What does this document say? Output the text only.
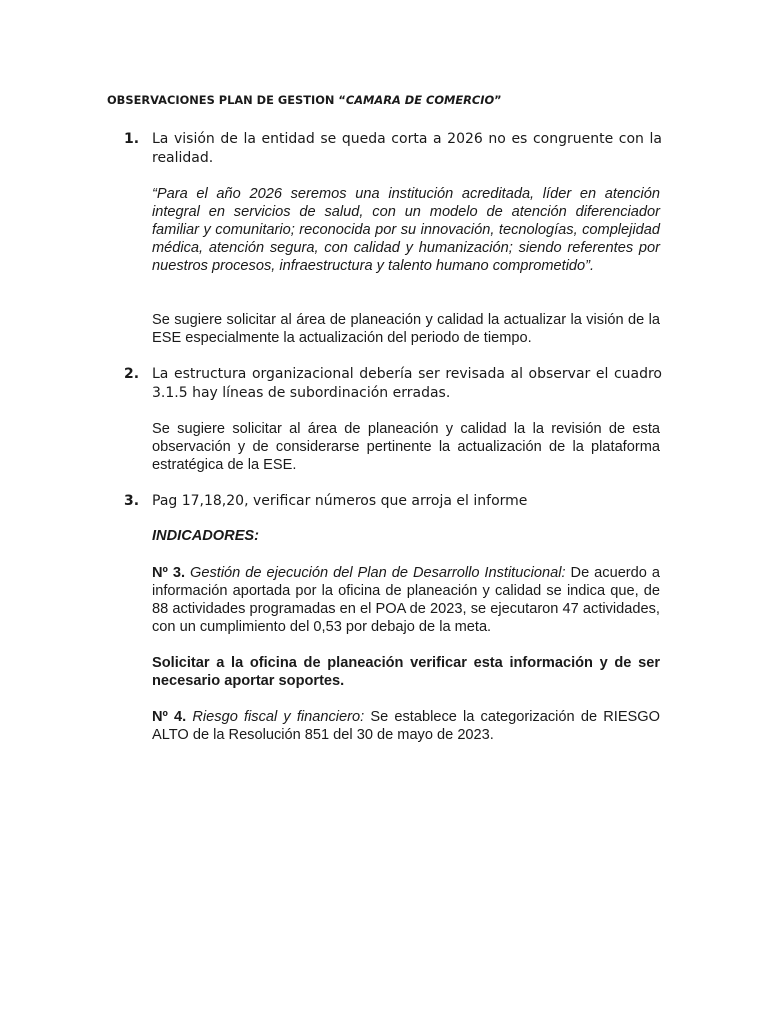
OBSERVACIONES PLAN DE GESTION “CAMARA DE COMERCIO”
1. La visión de la entidad se queda corta a 2026 no es congruente con la realidad.
“Para el año 2026 seremos una institución acreditada, líder en atención integral en servicios de salud, con un modelo de atención diferenciador familiar y comunitario; reconocida por su innovación, tecnologías, complejidad médica, atención segura, con calidad y humanización; siendo referentes por nuestros procesos, infraestructura y talento humano comprometido”.
Se sugiere solicitar al área de planeación y calidad la actualizar la visión de la ESE especialmente la actualización del periodo de tiempo.
2. La estructura organizacional debería ser revisada al observar el cuadro 3.1.5 hay líneas de subordinación erradas.
Se sugiere solicitar al área de planeación y calidad la la revisión de esta observación y de considerarse pertinente la actualización de la plataforma estratégica de la ESE.
3. Pag 17,18,20, verificar números que arroja el informe
INDICADORES:
Nº 3. Gestión de ejecución del Plan de Desarrollo Institucional: De acuerdo a información aportada por la oficina de planeación y calidad se indica que, de 88 actividades programadas en el POA de 2023, se ejecutaron 47 actividades, con un cumplimiento del 0,53 por debajo de la meta.
Solicitar a la oficina de planeación verificar esta información y de ser necesario aportar soportes.
Nº 4. Riesgo fiscal y financiero: Se establece la categorización de RIESGO ALTO de la Resolución 851 del 30 de mayo de 2023.
